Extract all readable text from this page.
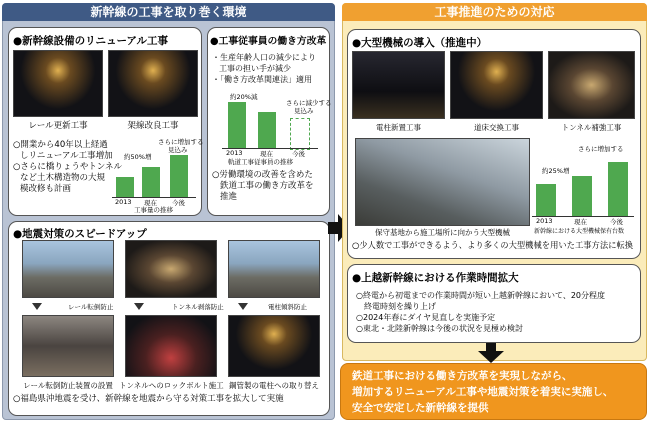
新幹線の工事を取り巻く環境
●新幹線設備のリニューアル工事
レール更新工事	架線改良工事
○開業から40年以上経過
しリニューアル工事増加
○さらに橋りょうやトンネル
など土木構造物の大規
模改修も計画
さらに増加する
見込み
約50%増
2013 現在 今後
工事量の推移
●工事従事員の働き方改革
・生産年齢人口の減少により
工事の担い手が減少
・「働き方改革関連法」適用
約20%減
さらに減少する
見込み
2013	現在	今後
軌道工事従事員の推移
○労働環境の改善を含めた
鉄道工事の働き方改革を
推進
●地震対策のスピードアップ
レール転倒防止	トンネル剥落防止	電柱傾斜防止
レール転倒防止装置の設置 トンネルへのロックボルト施工 鋼管製の電柱への取り替え
○福島県沖地震を受け、新幹線を地震から守る対策工事を拡大して実施
工事推進のための対応
●大型機械の導入（推進中）
電柱新置工事	道床交換工事	トンネル補強工事
保守基地から施工場所に向かう大型機械
さらに増加する
約25%増
2013	現在	今後
新幹線における大型機械保有台数
○少人数で工事ができるよう、より多くの大型機械を用いた工事方法に転換
●上越新幹線における作業時間拡大
○終電から初電までの作業時間が短い上越新幹線において、20分程度
終電時刻を繰り上げ
○2024年春にダイヤ見直しを実施予定
○東北・北陸新幹線は今後の状況を見極め検討
鉄道工事における働き方改革を実現しながら、
増加するリニューアル工事や地震対策を着実に実施し、
安全で安定した新幹線を提供
